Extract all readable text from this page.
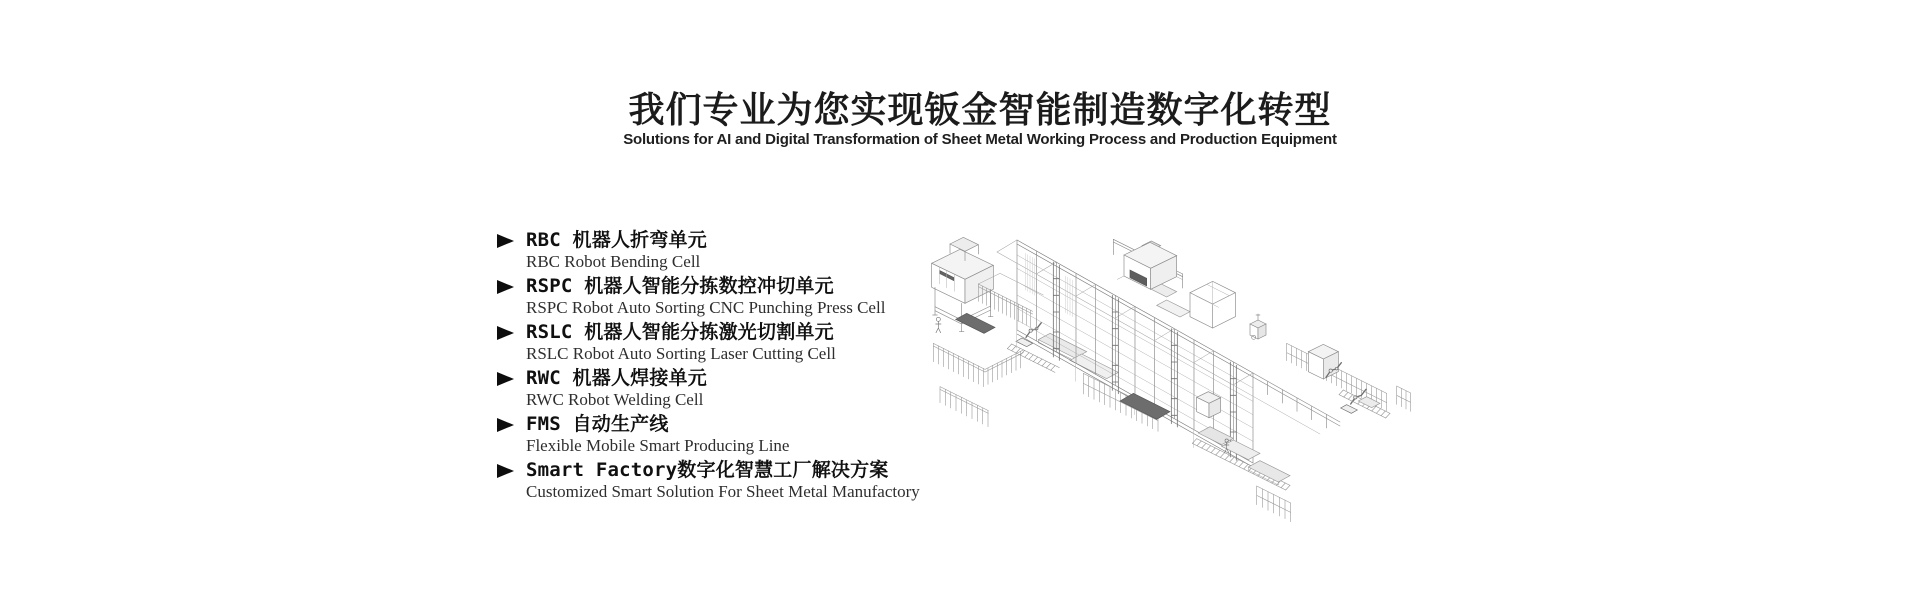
我们专业为您实现钣金智能制造数字化转型
Solutions for AI and Digital Transformation of Sheet Metal Working Process and Production Equipment
RBC 机器人折弯单元
RBC Robot Bending Cell
RSPC 机器人智能分拣数控冲切单元
RSPC Robot Auto Sorting CNC Punching Press Cell
RSLC 机器人智能分拣激光切割单元
RSLC Robot Auto Sorting Laser Cutting Cell
RWC 机器人焊接单元
RWC Robot Welding Cell
FMS 自动生产线
Flexible Mobile Smart Producing Line
Smart Factory数字化智慧工厂解决方案
Customized Smart Solution For Sheet Metal Manufactory
